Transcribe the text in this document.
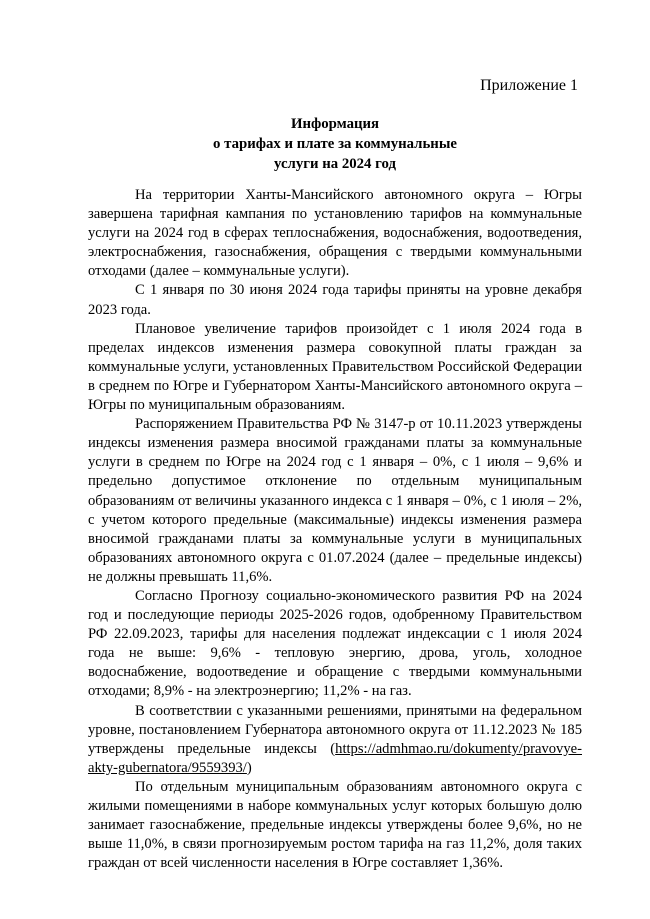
Приложение 1
Информация
о тарифах и плате за коммунальные
услуги на 2024 год

На территории Ханты-Мансийского автономного округа – Югры завершена тарифная кампания по установлению тарифов на коммунальные услуги на 2024 год в сферах теплоснабжения, водоснабжения, водоотведения, электроснабжения, газоснабжения, обращения с твердыми коммунальными отходами (далее – коммунальные услуги).

С 1 января по 30 июня 2024 года тарифы приняты на уровне декабря 2023 года.

Плановое увеличение тарифов произойдет с 1 июля 2024 года в пределах индексов изменения размера совокупной платы граждан за коммунальные услуги, установленных Правительством Российской Федерации в среднем по Югре и Губернатором Ханты-Мансийского автономного округа – Югры по муниципальным образованиям.

Распоряжением Правительства РФ № 3147-р от 10.11.2023 утверждены индексы изменения размера вносимой гражданами платы за коммунальные услуги в среднем по Югре на 2024 год с 1 января – 0%, с 1 июля – 9,6% и предельно допустимое отклонение по отдельным муниципальным образованиям от величины указанного индекса с 1 января – 0%, с 1 июля – 2%, с учетом которого предельные (максимальные) индексы изменения размера вносимой гражданами платы за коммунальные услуги в муниципальных образованиях автономного округа с 01.07.2024 (далее – предельные индексы) не должны превышать 11,6%.

Согласно Прогнозу социально-экономического развития РФ на 2024 год и последующие периоды 2025-2026 годов, одобренному Правительством РФ 22.09.2023, тарифы для населения подлежат индексации с 1 июля 2024 года не выше: 9,6% - тепловую энергию, дрова, уголь, холодное водоснабжение, водоотведение и обращение с твердыми коммунальными отходами; 8,9% - на электроэнергию; 11,2% - на газ.

В соответствии с указанными решениями, принятыми на федеральном уровне, постановлением Губернатора автономного округа от 11.12.2023 № 185 утверждены предельные индексы (https://admhmao.ru/dokumenty/pravovye-akty-gubernatora/9559393/)

По отдельным муниципальным образованиям автономного округа с жилыми помещениями в наборе коммунальных услуг которых большую долю занимает газоснабжение, предельные индексы утверждены более 9,6%, но не выше 11,0%, в связи прогнозируемым ростом тарифа на газ 11,2%, доля таких граждан от всей численности населения в Югре составляет 1,36%.
